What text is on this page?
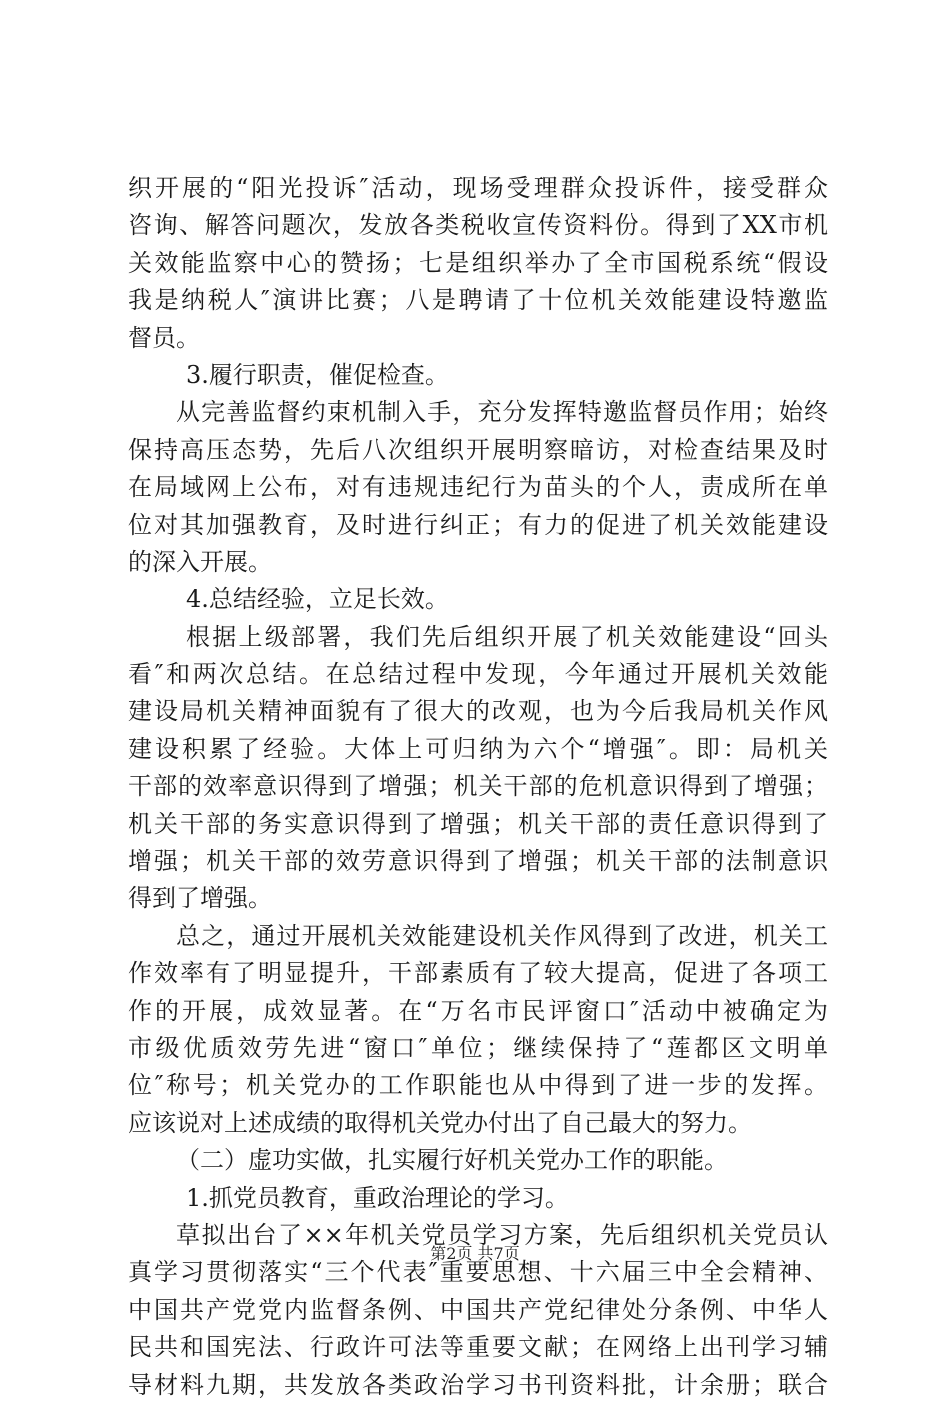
织开展的“阳光投诉″活动，现场受理群众投诉件，接受群众
咨询、解答问题次，发放各类税收宣传资料份。得到了XX市机
关效能监察中心的赞扬；七是组织举办了全市国税系统“假设
我是纳税人″演讲比赛；八是聘请了十位机关效能建设特邀监
督员。
3.履行职责，催促检查。
从完善监督约束机制入手，充分发挥特邀监督员作用；始终
保持高压态势，先后八次组织开展明察暗访，对检查结果及时
在局域网上公布，对有违规违纪行为苗头的个人，责成所在单
位对其加强教育，及时进行纠正；有力的促进了机关效能建设
的深入开展。
4.总结经验，立足长效。
根据上级部署，我们先后组织开展了机关效能建设“回头
看″和两次总结。在总结过程中发现，今年通过开展机关效能
建设局机关精神面貌有了很大的改观，也为今后我局机关作风
建设积累了经验。大体上可归纳为六个“增强″。即：局机关
干部的效率意识得到了增强；机关干部的危机意识得到了增强；
机关干部的务实意识得到了增强；机关干部的责任意识得到了
增强；机关干部的效劳意识得到了增强；机关干部的法制意识
得到了增强。
总之，通过开展机关效能建设机关作风得到了改进，机关工
作效率有了明显提升，干部素质有了较大提高，促进了各项工
作的开展，成效显著。在“万名市民评窗口″活动中被确定为
市级优质效劳先进“窗口″单位；继续保持了“莲都区文明单
位″称号；机关党办的工作职能也从中得到了进一步的发挥。
应该说对上述成绩的取得机关党办付出了自己最大的努力。
（二）虚功实做，扎实履行好机关党办工作的职能。
1.抓党员教育，重政治理论的学习。
草拟出台了××年机关党员学习方案，先后组织机关党员认
真学习贯彻落实“三个代表″重要思想、十六届三中全会精神、
中国共产党党内监督条例、中国共产党纪律处分条例、中华人
民共和国宪法、行政许可法等重要文献；在网络上出刊学习辅
导材料九期，共发放各类政治学习书刊资料批，计余册；联合
第2页 共7页
